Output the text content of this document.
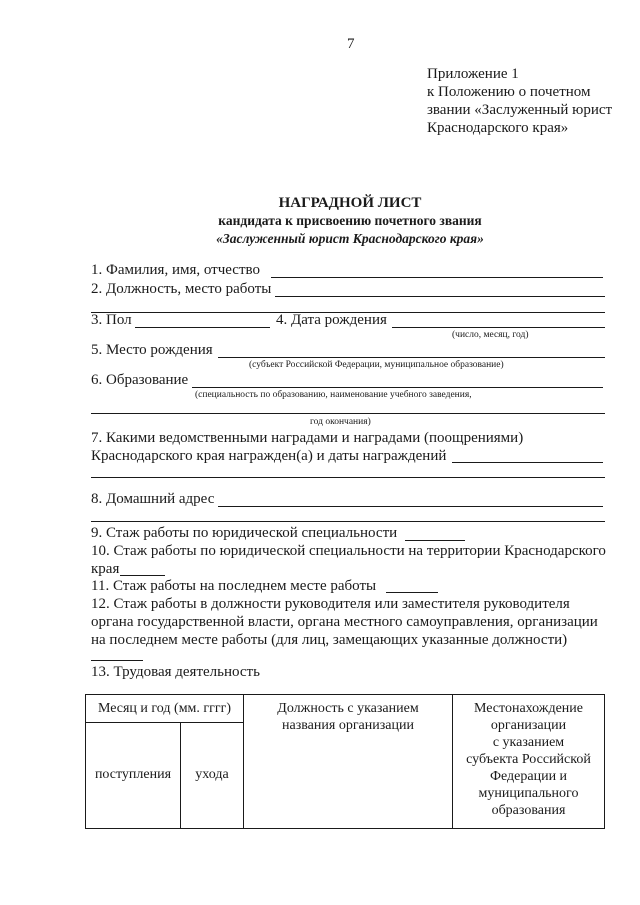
7
Приложение 1
к Положению о почетном
звании «Заслуженный юрист
Краснодарского края»
НАГРАДНОЙ ЛИСТ
кандидата к присвоению почетного звания
«Заслуженный юрист Краснодарского края»
1. Фамилия, имя, отчество
2. Должность, место работы
3. Пол	4. Дата рождения
(число, месяц, год)
5. Место рождения
(субъект Российской Федерации, муниципальное образование)
6. Образование
(специальность по образованию, наименование учебного заведения,
год окончания)
7. Какими ведомственными наградами и наградами (поощрениями)
Краснодарского края награжден(а) и даты награждений
8. Домашний адрес
9. Стаж работы по юридической специальности
10. Стаж работы по юридической специальности на территории Краснодарского
края
11. Стаж работы на последнем месте работы
12. Стаж работы в должности руководителя или заместителя руководителя
органа государственной власти, органа местного самоуправления, организации
на последнем месте работы (для лиц, замещающих указанные должности)
13. Трудовая деятельность
Месяц и год (мм. гггг)
поступления	ухода
Должность с указанием
названия организации
Местонахождение
организации
с указанием
субъекта Российской
Федерации и
муниципального
образования
